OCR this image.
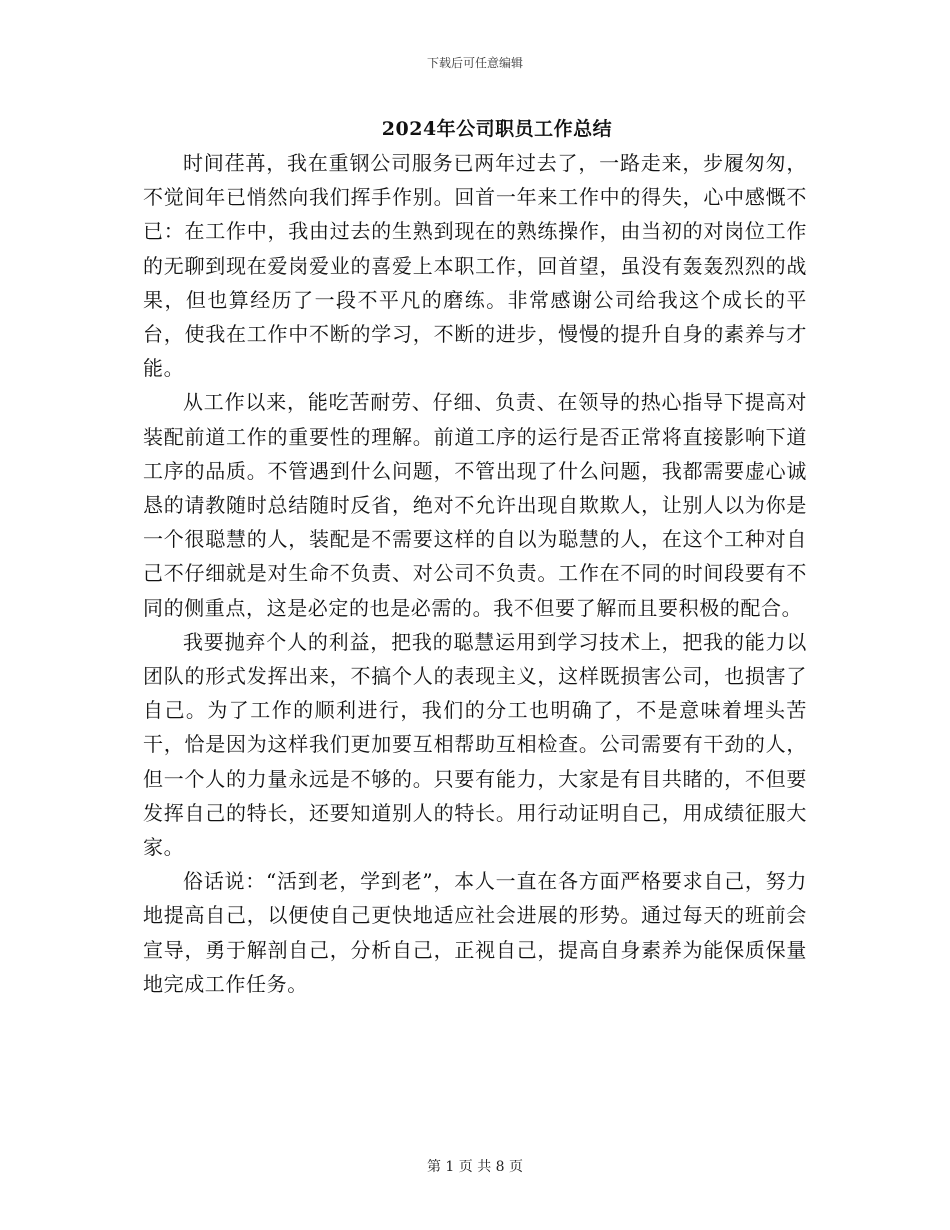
下载后可任意编辑
2024年公司职员工作总结

时间荏苒，我在重钢公司服务已两年过去了，一路走来，步履匆匆，不觉间年已悄然向我们挥手作别。回首一年来工作中的得失，心中感慨不已：在工作中，我由过去的生熟到现在的熟练操作，由当初的对岗位工作的无聊到现在爱岗爱业的喜爱上本职工作，回首望，虽没有轰轰烈烈的战果，但也算经历了一段不平凡的磨练。非常感谢公司给我这个成长的平台，使我在工作中不断的学习，不断的进步，慢慢的提升自身的素养与才能。

从工作以来，能吃苦耐劳、仔细、负责、在领导的热心指导下提高对装配前道工作的重要性的理解。前道工序的运行是否正常将直接影响下道工序的品质。不管遇到什么问题，不管出现了什么问题，我都需要虚心诚恳的请教随时总结随时反省，绝对不允许出现自欺欺人，让别人以为你是一个很聪慧的人，装配是不需要这样的自以为聪慧的人，在这个工种对自己不仔细就是对生命不负责、对公司不负责。工作在不同的时间段要有不同的侧重点，这是必定的也是必需的。我不但要了解而且要积极的配合。

我要抛弃个人的利益，把我的聪慧运用到学习技术上，把我的能力以团队的形式发挥出来，不搞个人的表现主义，这样既损害公司，也损害了自己。为了工作的顺利进行，我们的分工也明确了，不是意味着埋头苦干，恰是因为这样我们更加要互相帮助互相检查。公司需要有干劲的人，但一个人的力量永远是不够的。只要有能力，大家是有目共睹的，不但要发挥自己的特长，还要知道别人的特长。用行动证明自己，用成绩征服大家。

俗话说：“活到老，学到老”，本人一直在各方面严格要求自己，努力地提高自己，以便使自己更快地适应社会进展的形势。通过每天的班前会宣导，勇于解剖自己，分析自己，正视自己，提高自身素养为能保质保量地完成工作任务。

第 1 页 共 8 页
